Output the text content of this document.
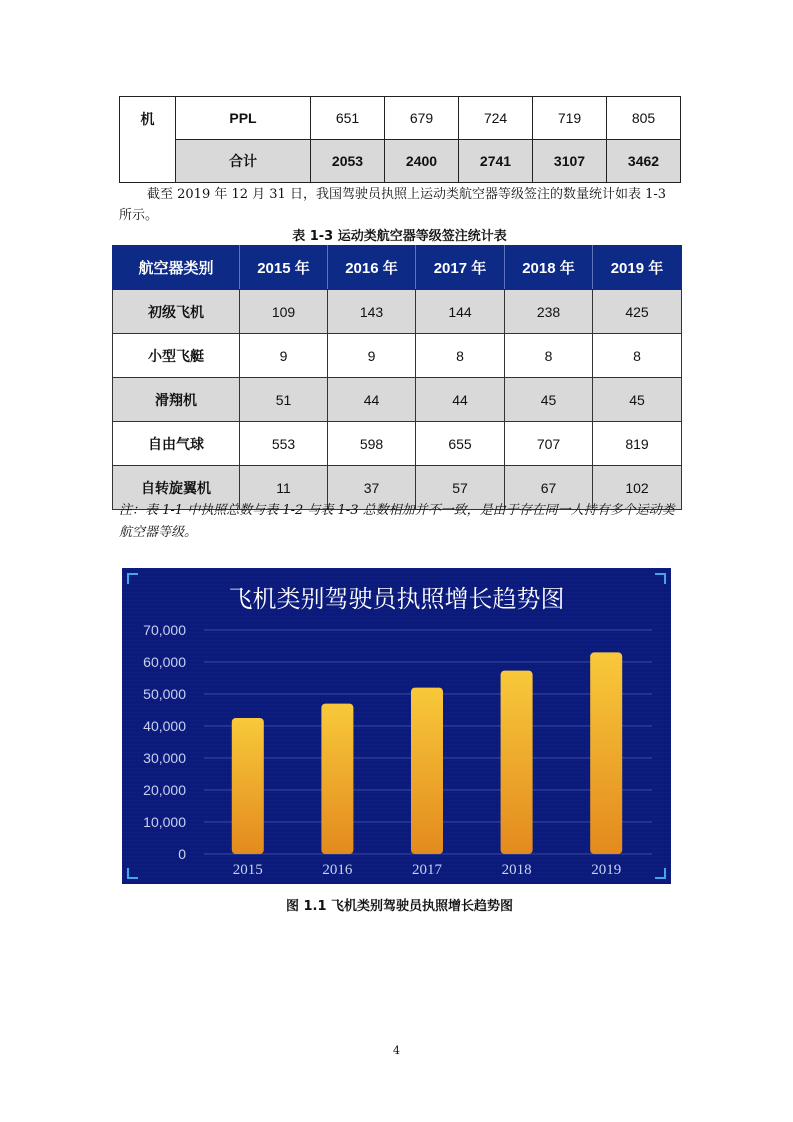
机	PPL	651	679	724	719	805
	合计	2053	2400	2741	3107	3462

截至 2019 年 12 月 31 日，我国驾驶员执照上运动类航空器等级签注的数量统计如表 1-3 所示。

表 1-3 运动类航空器等级签注统计表
航空器类别	2015 年	2016 年	2017 年	2018 年	2019 年
初级飞机	109	143	144	238	425
小型飞艇	9	9	8	8	8
滑翔机	51	44	44	45	45
自由气球	553	598	655	707	819
自转旋翼机	11	37	57	67	102

注：表 1-1 中执照总数与表 1-2 与表 1-3 总数相加并不一致，是由于存在同一人持有多个运动类航空器等级。

飞机类别驾驶员执照增长趋势图
0
10,000
20,000
30,000
40,000
50,000
60,000
70,000
2015	2016	2017	2018	2019
图 1.1 飞机类别驾驶员执照增长趋势图
4
